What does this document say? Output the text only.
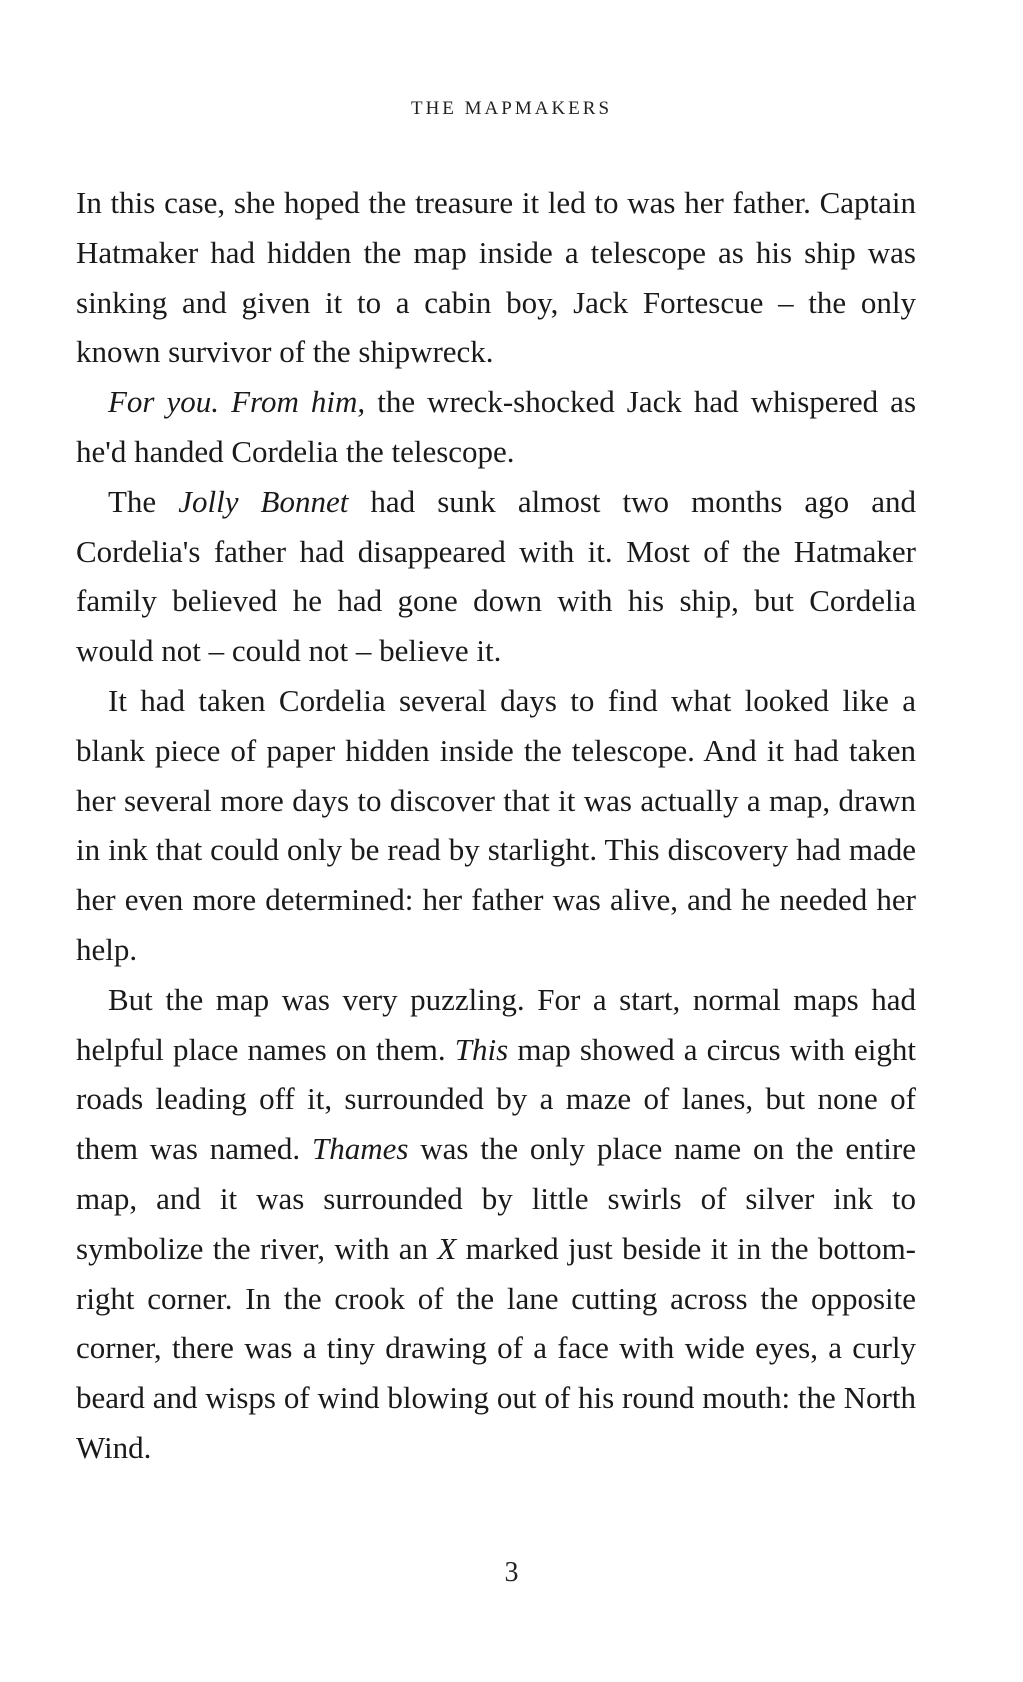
THE MAPMAKERS

In this case, she hoped the treasure it led to was her father. Captain Hatmaker had hidden the map inside a telescope as his ship was sinking and given it to a cabin boy, Jack Fortescue – the only known survivor of the shipwreck.

For you. From him, the wreck-shocked Jack had whispered as he'd handed Cordelia the telescope.

The Jolly Bonnet had sunk almost two months ago and Cordelia's father had disappeared with it. Most of the Hatmaker family believed he had gone down with his ship, but Cordelia would not – could not – believe it.

It had taken Cordelia several days to find what looked like a blank piece of paper hidden inside the telescope. And it had taken her several more days to discover that it was actually a map, drawn in ink that could only be read by starlight. This discovery had made her even more determined: her father was alive, and he needed her help.

But the map was very puzzling. For a start, normal maps had helpful place names on them. This map showed a circus with eight roads leading off it, surrounded by a maze of lanes, but none of them was named. Thames was the only place name on the entire map, and it was surrounded by little swirls of silver ink to symbolize the river, with an X marked just beside it in the bottom-right corner. In the crook of the lane cutting across the opposite corner, there was a tiny drawing of a face with wide eyes, a curly beard and wisps of wind blowing out of his round mouth: the North Wind.

3
